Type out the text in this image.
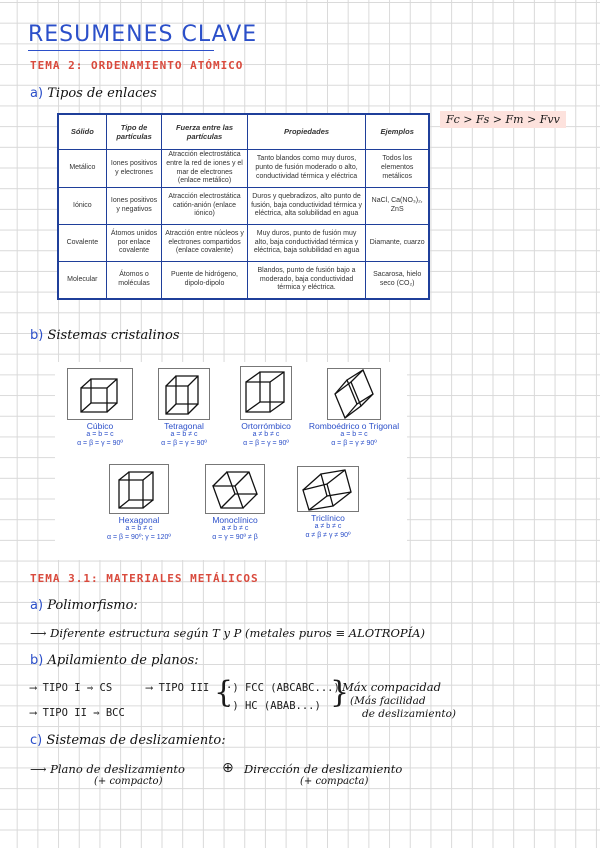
RESUMENES CLAVE
TEMA 2: ORDENAMIENTO ATÓMICO
a) Tipos de enlaces
Fc > Fs > Fm > Fvv
Sólido	Tipo de partículas	Fuerza entre las partículas	Propiedades	Ejemplos
Metálico	Iones positivos y electrones	Atracción electrostática entre la red de iones y el mar de electrones (enlace metálico)	Tanto blandos como muy duros, punto de fusión moderado o alto, conductividad térmica y eléctrica	Todos los elementos metálicos
Iónico	Iones positivos y negativos	Atracción electrostática catión-anión (enlace iónico)	Duros y quebradizos, alto punto de fusión, baja conductividad térmica y eléctrica, alta solubilidad en agua	NaCl, Ca(NO₃)₂, ZnS
Covalente	Átomos unidos por enlace covalente	Atracción entre núcleos y electrones compartidos (enlace covalente)	Muy duros, punto de fusión muy alto, baja conductividad térmica y eléctrica, baja solubilidad en agua	Diamante, cuarzo
Molecular	Átomos o moléculas	Puente de hidrógeno, dipolo-dipolo	Blandos, punto de fusión bajo a moderado, baja conductividad térmica y eléctrica.	Sacarosa, hielo seco (CO₂)
b) Sistemas cristalinos
Cúbico
a = b = c
α = β = γ = 90º
Tetragonal
a = b ≠ c
α = β = γ = 90º
Ortorrómbico
a ≠ b ≠ c
α = β = γ = 90º
Romboédrico o Trigonal
a = b = c
α = β = γ ≠ 90º
Hexagonal
a = b ≠ c
α = β = 90º; γ = 120º
Monoclínico
a ≠ b ≠ c
α = γ = 90º ≠ β
Triclínico
a ≠ b ≠ c
α ≠ β ≠ γ ≠ 90º
TEMA 3.1: MATERIALES METÁLICOS
a) Polimorfismo:
⟶ Diferente estructura según T y P (metales puros ≡ ALOTROPÍA)
b) Apilamiento de planos:
⟶ TIPO I ⇒ CS
⟶ TIPO II ⇒ BCC
⟶ TIPO III {
·) FCC (ABCABC...)
·) HC (ABAB...) }
Máx compacidad
(Más facilidad
de deslizamiento)
c) Sistemas de deslizamiento:
⟶ Plano de deslizamiento
(+ compacto)
⊕ Dirección de deslizamiento
(+ compacta)
